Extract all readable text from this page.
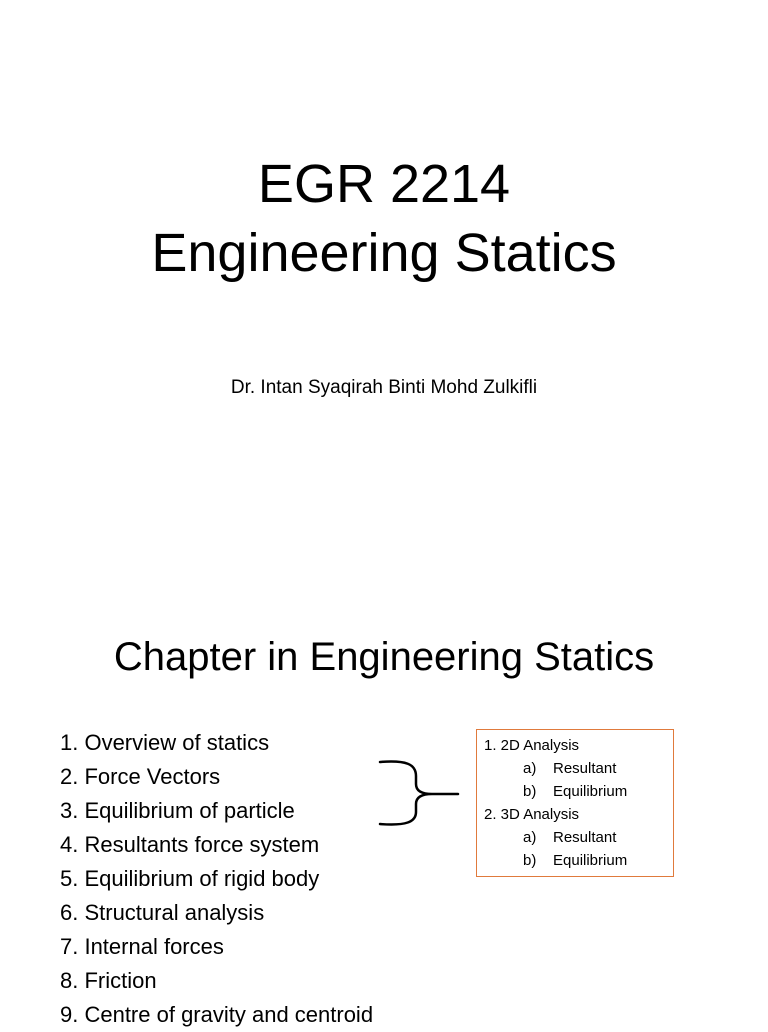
EGR 2214
Engineering Statics
Dr. Intan Syaqirah Binti Mohd Zulkifli
Chapter in Engineering Statics
1. Overview of statics
2. Force Vectors
3. Equilibrium of particle
4. Resultants force system
5. Equilibrium of rigid body
6. Structural analysis
7. Internal forces
8. Friction
9. Centre of gravity and centroid
1. 2D Analysis
a) Resultant
b) Equilibrium
2. 3D Analysis
a) Resultant
b) Equilibrium
